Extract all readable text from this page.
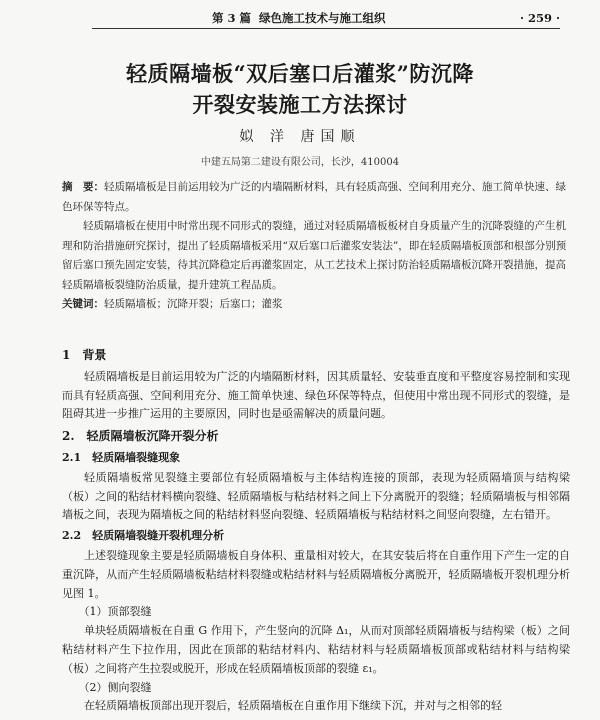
第 3 篇 绿色施工技术与施工组织	· 259 ·
轻质隔墙板“双后塞口后灌浆”防沉降
开裂安装施工方法探讨
姒 洋 唐国顺
中建五局第二建设有限公司，长沙，410004

摘　要：轻质隔墙板是目前运用较为广泛的内墙隔断材料，具有轻质高强、空间利用充分、施工简单快速、绿色环保等特点。

轻质隔墙板在使用中时常出现不同形式的裂缝，通过对轻质隔墙板板材自身质量产生的沉降裂缝的产生机理和防治措施研究探讨，提出了轻质隔墙板采用“双后塞口后灌浆安装法”，即在轻质隔墙板顶部和根部分别预留后塞口预先固定安装，待其沉降稳定后再灌浆固定，从工艺技术上探讨防治轻质隔墙板沉降开裂措施，提高轻质隔墙板裂缝防治质量，提升建筑工程品质。

关键词：轻质隔墙板；沉降开裂；后塞口；灌浆

1　背景

轻质隔墙板是目前运用较为广泛的内墙隔断材料，因其质量轻、安装垂直度和平整度容易控制和实现而具有轻质高强、空间利用充分、施工简单快速、绿色环保等特点，但使用中常出现不同形式的裂缝，是阻碍其进一步推广运用的主要原因，同时也是亟需解决的质量问题。

2.　轻质隔墙板沉降开裂分析
2.1　轻质隔墙裂缝现象

轻质隔墙板常见裂缝主要部位有轻质隔墙板与主体结构连接的顶部，表现为轻质隔墙顶与结构梁（板）之间的粘结材料横向裂缝、轻质隔墙板与粘结材料之间上下分离脱开的裂缝；轻质隔墙板与相邻隔墙板之间，表现为隔墙板之间的粘结材料竖向裂缝、轻质隔墙板与粘结材料之间竖向裂缝，左右错开。

2.2　轻质隔墙裂缝开裂机理分析

上述裂缝现象主要是轻质隔墙板自身体积、重量相对较大，在其安装后将在自重作用下产生一定的自重沉降，从而产生轻质隔墙板粘结材料裂缝或粘结材料与轻质隔墙板分离脱开，轻质隔墙板开裂机理分析见图 1。

（1）顶部裂缝

单块轻质隔墙板在自重 G 作用下，产生竖向的沉降 Δ₁，从而对顶部轻质隔墙板与结构梁（板）之间粘结材料产生下拉作用，因此在顶部的粘结材料内、粘结材料与轻质隔墙板顶部或粘结材料与结构梁（板）之间将产生拉裂或脱开，形成在轻质隔墙板顶部的裂缝 ε₁。

（2）侧向裂缝

在轻质隔墙板顶部出现开裂后，轻质隔墙板在自重作用下继续下沉，并对与之相邻的轻
